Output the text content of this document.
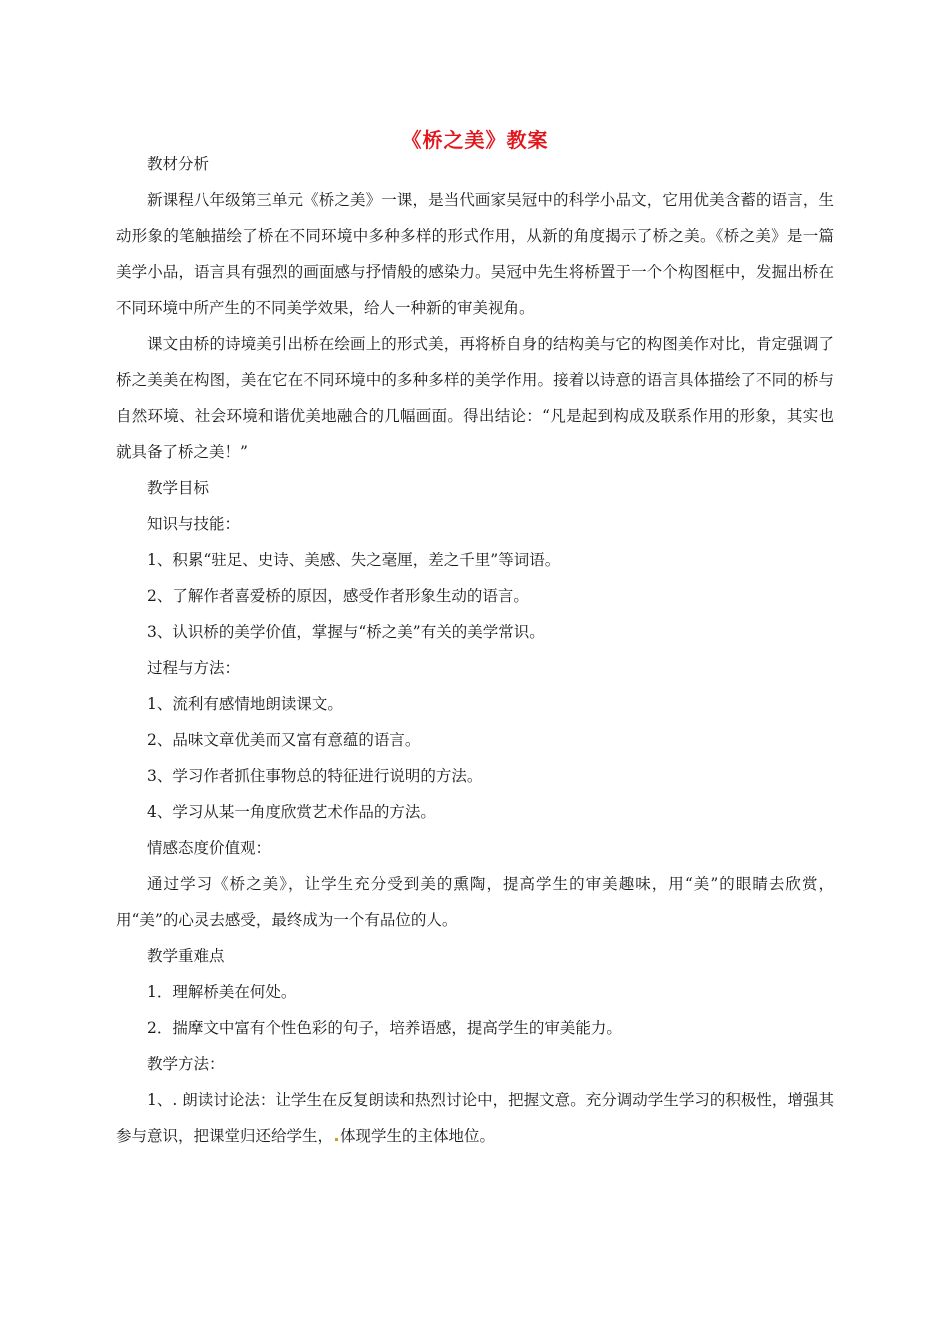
《桥之美》教案

教材分析

新课程八年级第三单元《桥之美》一课，是当代画家吴冠中的科学小品文，它用优美含蓄的语言，生动形象的笔触描绘了桥在不同环境中多种多样的形式作用，从新的角度揭示了桥之美。《桥之美》是一篇美学小品，语言具有强烈的画面感与抒情般的感染力。吴冠中先生将桥置于一个个构图框中，发掘出桥在不同环境中所产生的不同美学效果，给人一种新的审美视角。

课文由桥的诗境美引出桥在绘画上的形式美，再将桥自身的结构美与它的构图美作对比，肯定强调了桥之美美在构图，美在它在不同环境中的多种多样的美学作用。接着以诗意的语言具体描绘了不同的桥与自然环境、社会环境和谐优美地融合的几幅画面。得出结论：“凡是起到构成及联系作用的形象，其实也就具备了桥之美！”

教学目标

知识与技能：

1、积累“驻足、史诗、美感、失之毫厘，差之千里”等词语。

2、了解作者喜爱桥的原因，感受作者形象生动的语言。

3、认识桥的美学价值，掌握与“桥之美”有关的美学常识。

过程与方法：

1、流利有感情地朗读课文。

2、品味文章优美而又富有意蕴的语言。

3、学习作者抓住事物总的特征进行说明的方法。

4、学习从某一角度欣赏艺术作品的方法。

情感态度价值观：

通过学习《桥之美》，让学生充分受到美的熏陶，提高学生的审美趣味，用“美”的眼睛去欣赏，用“美”的心灵去感受，最终成为一个有品位的人。

教学重难点

1．理解桥美在何处。

2．揣摩文中富有个性色彩的句子，培养语感，提高学生的审美能力。

教学方法：

1、. 朗读讨论法：让学生在反复朗读和热烈讨论中，把握文意。充分调动学生学习的积极性，增强其参与意识，把课堂归还给学生， 体现学生的主体地位。
